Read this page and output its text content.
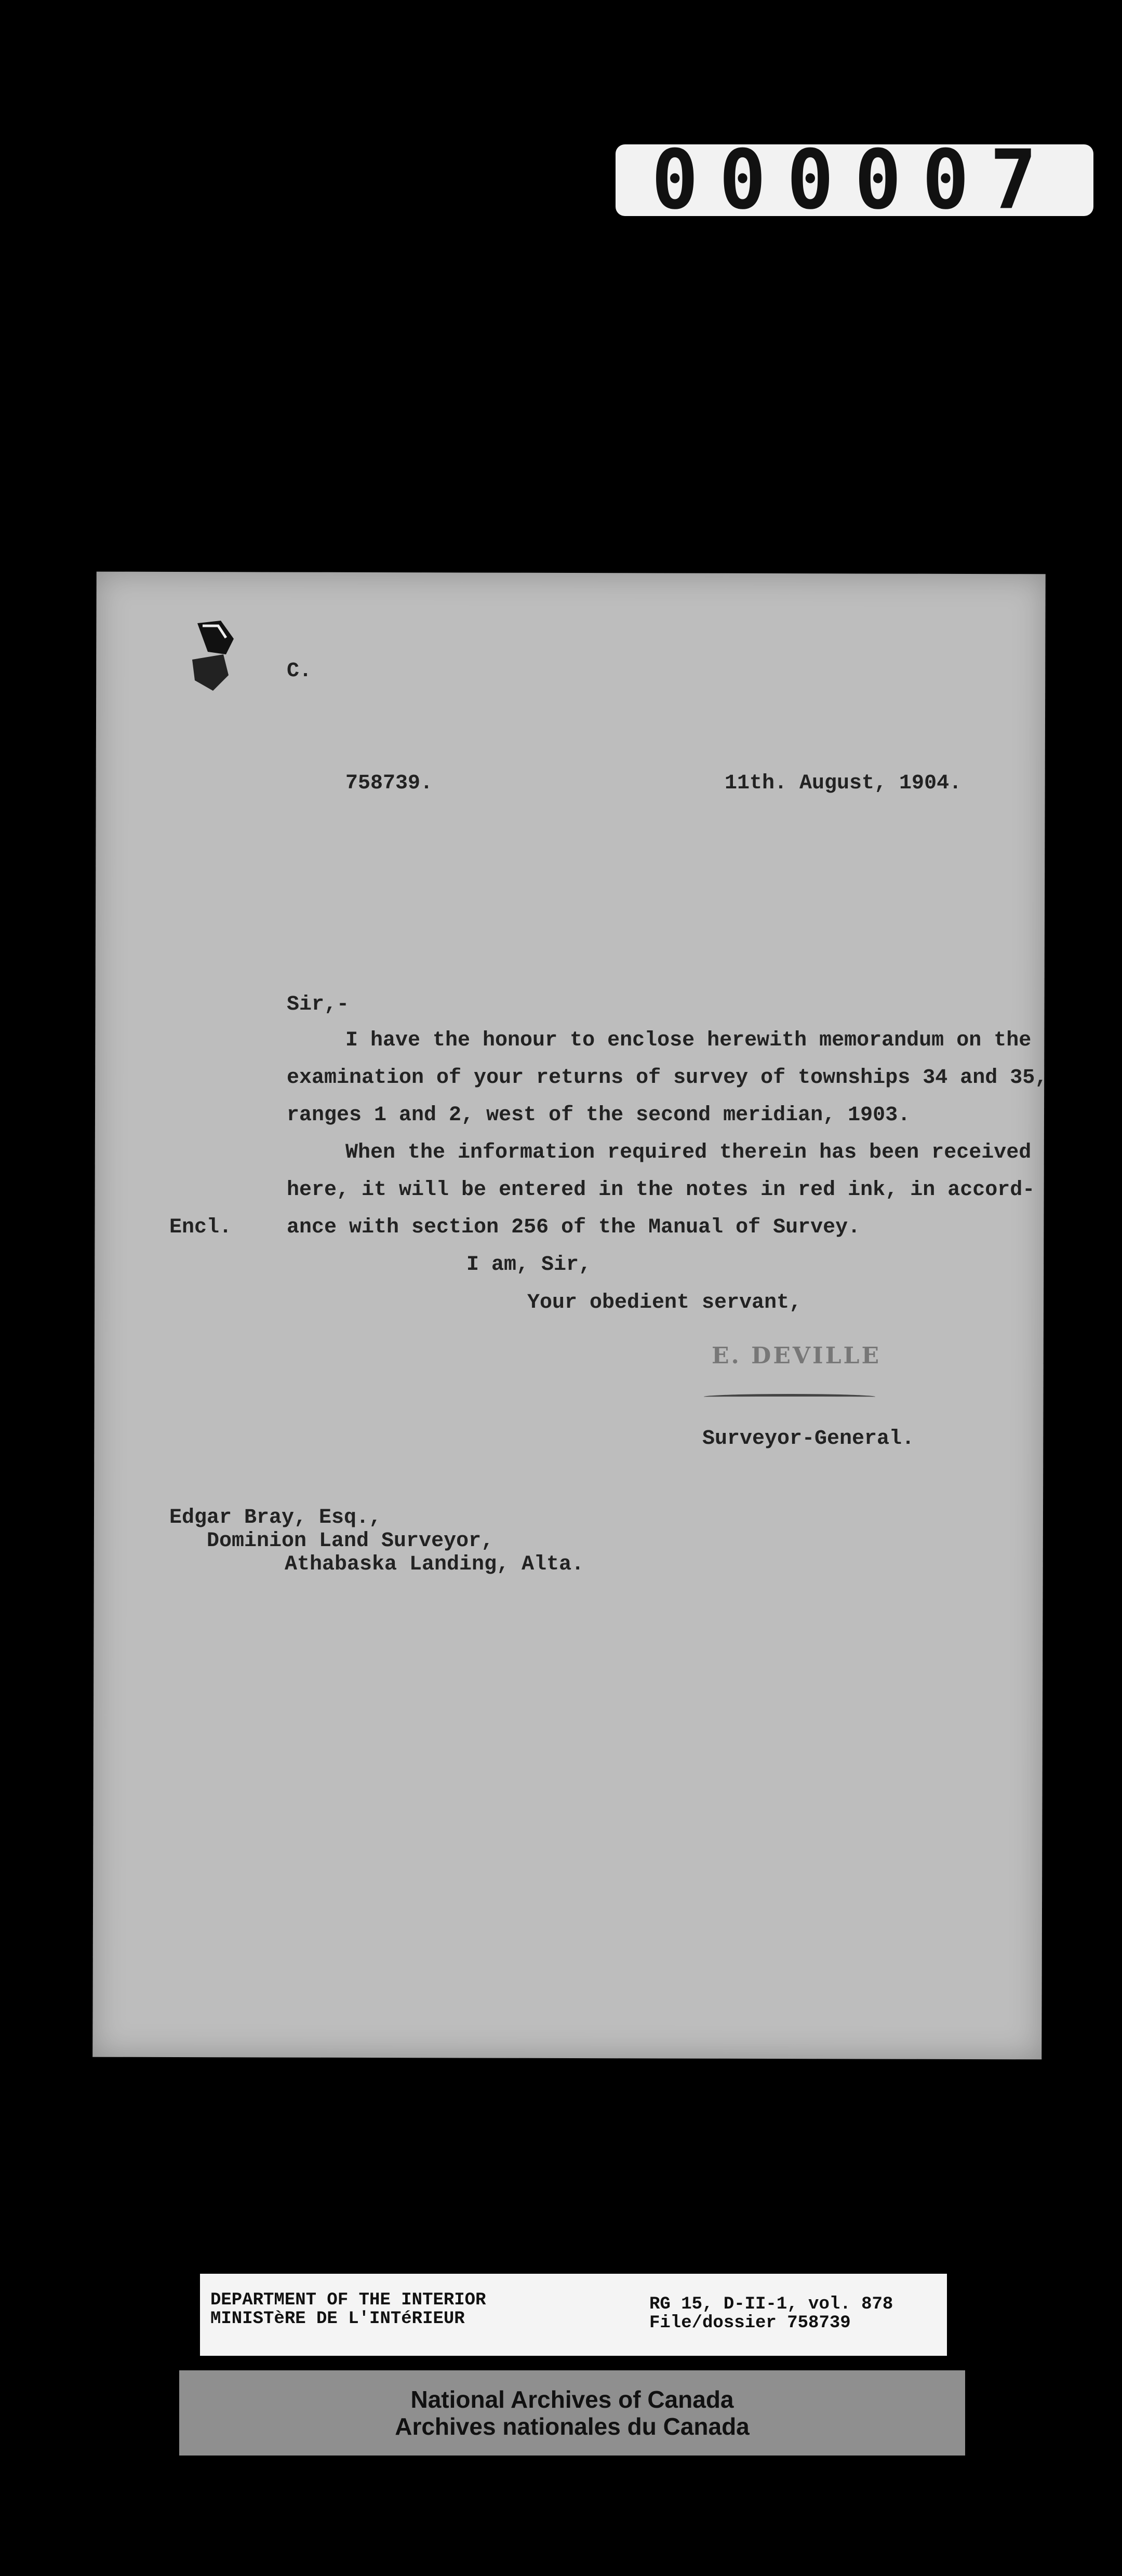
000007
C.
758739.	11th. August, 1904.
Sir,-
I have the honour to enclose herewith memorandum on the
examination of your returns of survey of townships 34 and 35,
ranges 1 and 2, west of the second meridian, 1903.
When the information required therein has been received
here, it will be entered in the notes in red ink, in accord-
ance with section 256 of the Manual of Survey.
Encl.
I am, Sir,
Your obedient servant,
E. DEVILLE
Surveyor-General.
Edgar Bray, Esq.,
Dominion Land Surveyor,
Athabaska Landing, Alta.
DEPARTMENT OF THE INTERIOR
MINISTèRE DE L'INTéRIEUR
RG 15, D-II-1, vol. 878
File/dossier 758739
National Archives of Canada
Archives nationales du Canada
